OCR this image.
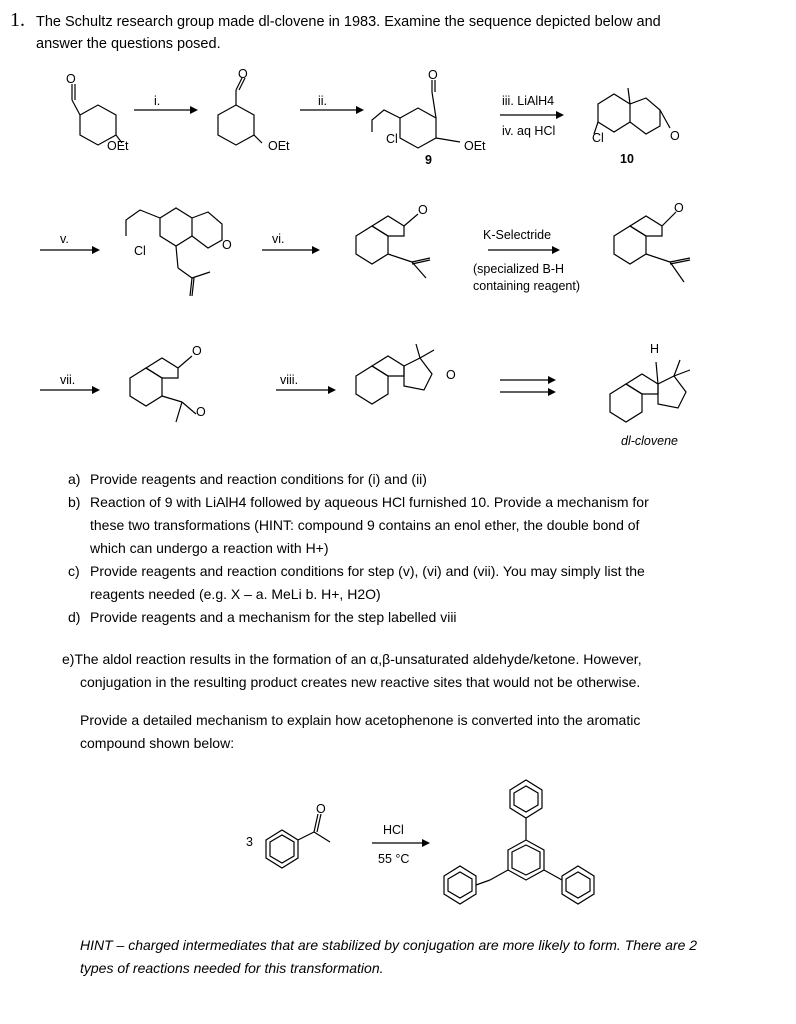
1. The Schultz research group made dl-clovene in 1983. Examine the sequence depicted below and
answer the questions posed.
i.	ii.	iii. LiAlH4
iv. aq HCl
O
OEt
O
OEt
O
Cl	OEt
9
Cl	O
10
v.
Cl	O	vi.
O
K-Selectride
(specialized B-H
containing reagent)
O
vii.
O
O
viii.	O
H
dl-clovene
a) Provide reagents and reaction conditions for (i) and (ii)
b) Reaction of 9 with LiAlH4 followed by aqueous HCl furnished 10. Provide a mechanism for
these two transformations (HINT: compound 9 contains an enol ether, the double bond of
which can undergo a reaction with H+)
c) Provide reagents and reaction conditions for step (v), (vi) and (vii). You may simply list the
reagents needed (e.g. X – a. MeLi b. H+, H2O)
d) Provide reagents and a mechanism for the step labelled viii
e)The aldol reaction results in the formation of an α,β-unsaturated aldehyde/ketone. However,
conjugation in the resulting product creates new reactive sites that would not be otherwise.
Provide a detailed mechanism to explain how acetophenone is converted into the aromatic
compound shown below:
3
O
HCl
55 °C
HINT – charged intermediates that are stabilized by conjugation are more likely to form. There are 2
types of reactions needed for this transformation.
